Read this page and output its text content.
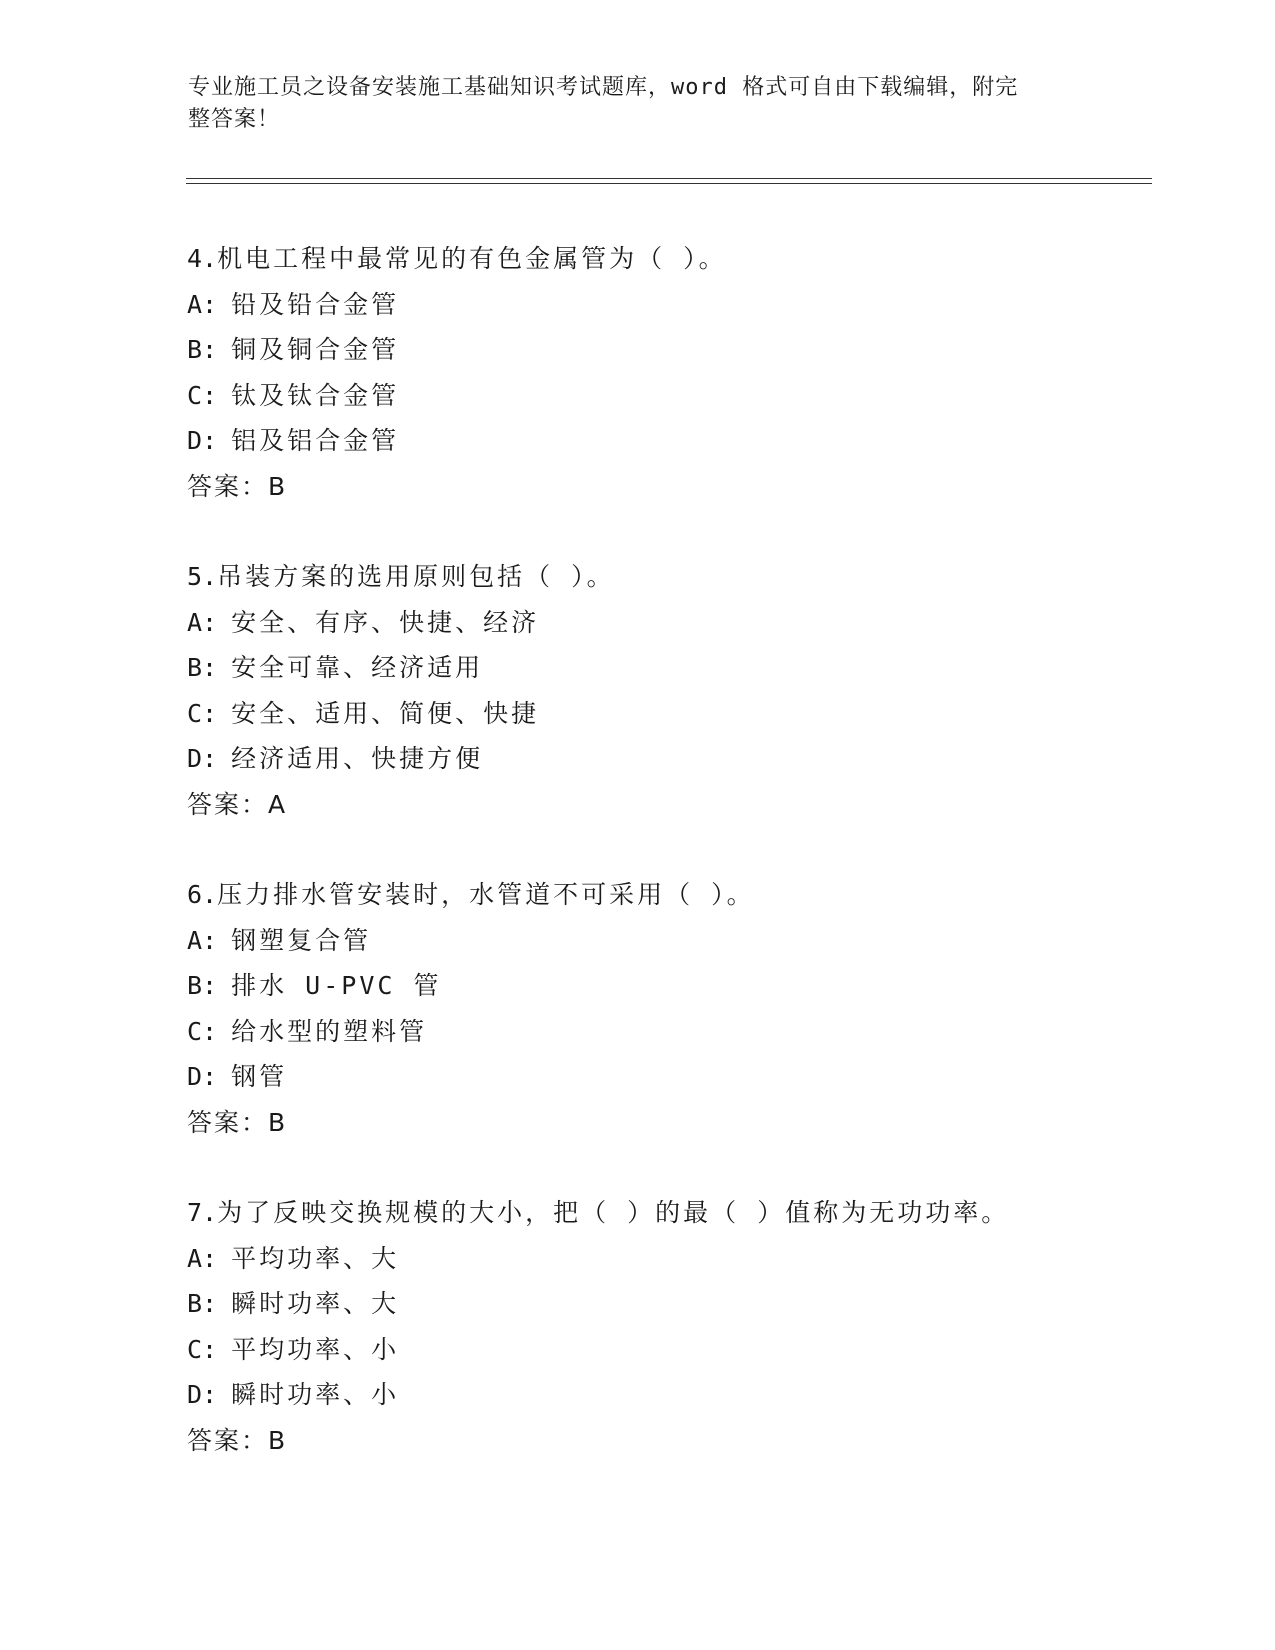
专业施工员之设备安装施工基础知识考试题库，word 格式可自由下载编辑，附完
整答案！
4.机电工程中最常见的有色金属管为（ ）。
A: 铅及铅合金管
B: 铜及铜合金管
C: 钛及钛合金管
D: 铝及铝合金管
答案：B
5.吊装方案的选用原则包括（ ）。
A: 安全、有序、快捷、经济
B: 安全可靠、经济适用
C: 安全、适用、简便、快捷
D: 经济适用、快捷方便
答案：A
6.压力排水管安装时，水管道不可采用（ ）。
A: 钢塑复合管
B: 排水 U-PVC 管
C: 给水型的塑料管
D: 钢管
答案：B
7.为了反映交换规模的大小，把（ ）的最（ ）值称为无功功率。
A: 平均功率、大
B: 瞬时功率、大
C: 平均功率、小
D: 瞬时功率、小
答案：B
